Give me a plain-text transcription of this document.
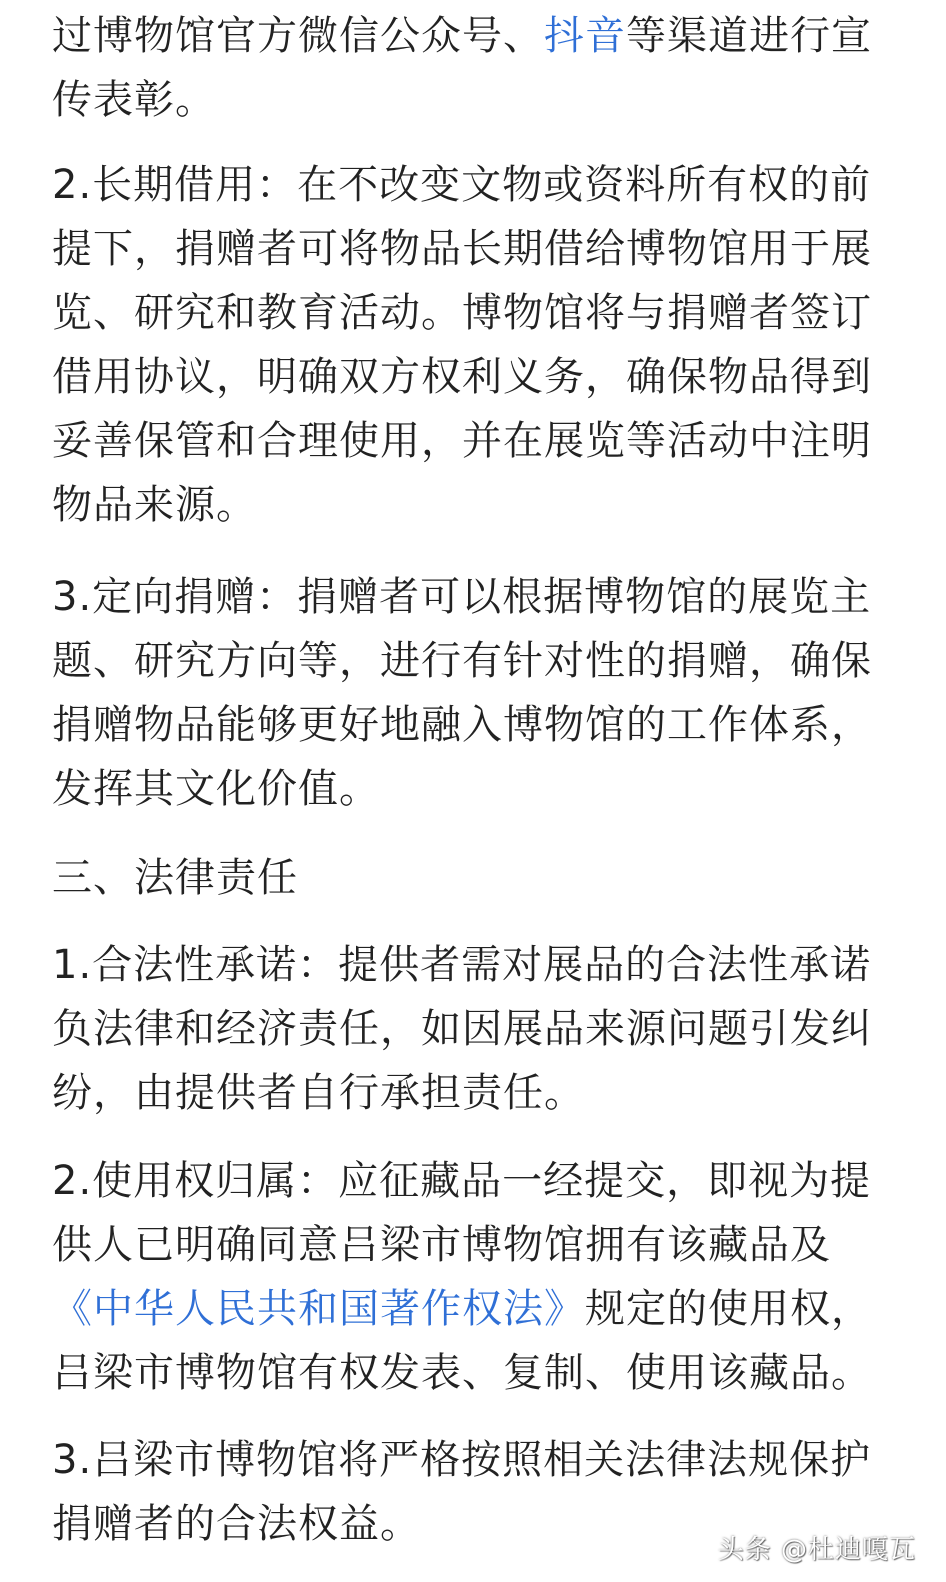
过博物馆官方微信公众号、抖音等渠道进行宣传表彰。
2.长期借用：在不改变文物或资料所有权的前提下，捐赠者可将物品长期借给博物馆用于展览、研究和教育活动。博物馆将与捐赠者签订借用协议，明确双方权利义务，确保物品得到妥善保管和合理使用，并在展览等活动中注明物品来源。
3.定向捐赠：捐赠者可以根据博物馆的展览主题、研究方向等，进行有针对性的捐赠，确保捐赠物品能够更好地融入博物馆的工作体系，发挥其文化价值。
三、法律责任
1.合法性承诺：提供者需对展品的合法性承诺负法律和经济责任，如因展品来源问题引发纠纷，由提供者自行承担责任。
2.使用权归属：应征藏品一经提交，即视为提供人已明确同意吕梁市博物馆拥有该藏品及《中华人民共和国著作权法》规定的使用权，吕梁市博物馆有权发表、复制、使用该藏品。
3.吕梁市博物馆将严格按照相关法律法规保护捐赠者的合法权益。
头条 @杜迪嘎瓦
